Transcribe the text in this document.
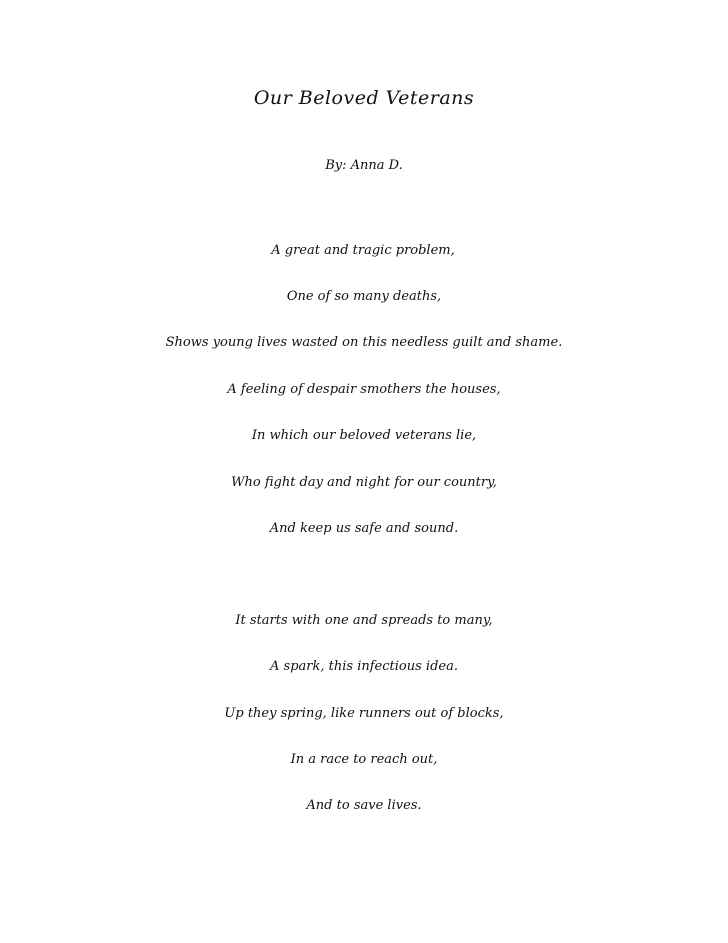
Our Beloved Veterans
By: Anna D.
A great and tragic problem,
One of so many deaths,
Shows young lives wasted on this needless guilt and shame.
A feeling of despair smothers the houses,
In which our beloved veterans lie,
Who fight day and night for our country,
And keep us safe and sound.
It starts with one and spreads to many,
A spark, this infectious idea.
Up they spring, like runners out of blocks,
In a race to reach out,
And to save lives.
